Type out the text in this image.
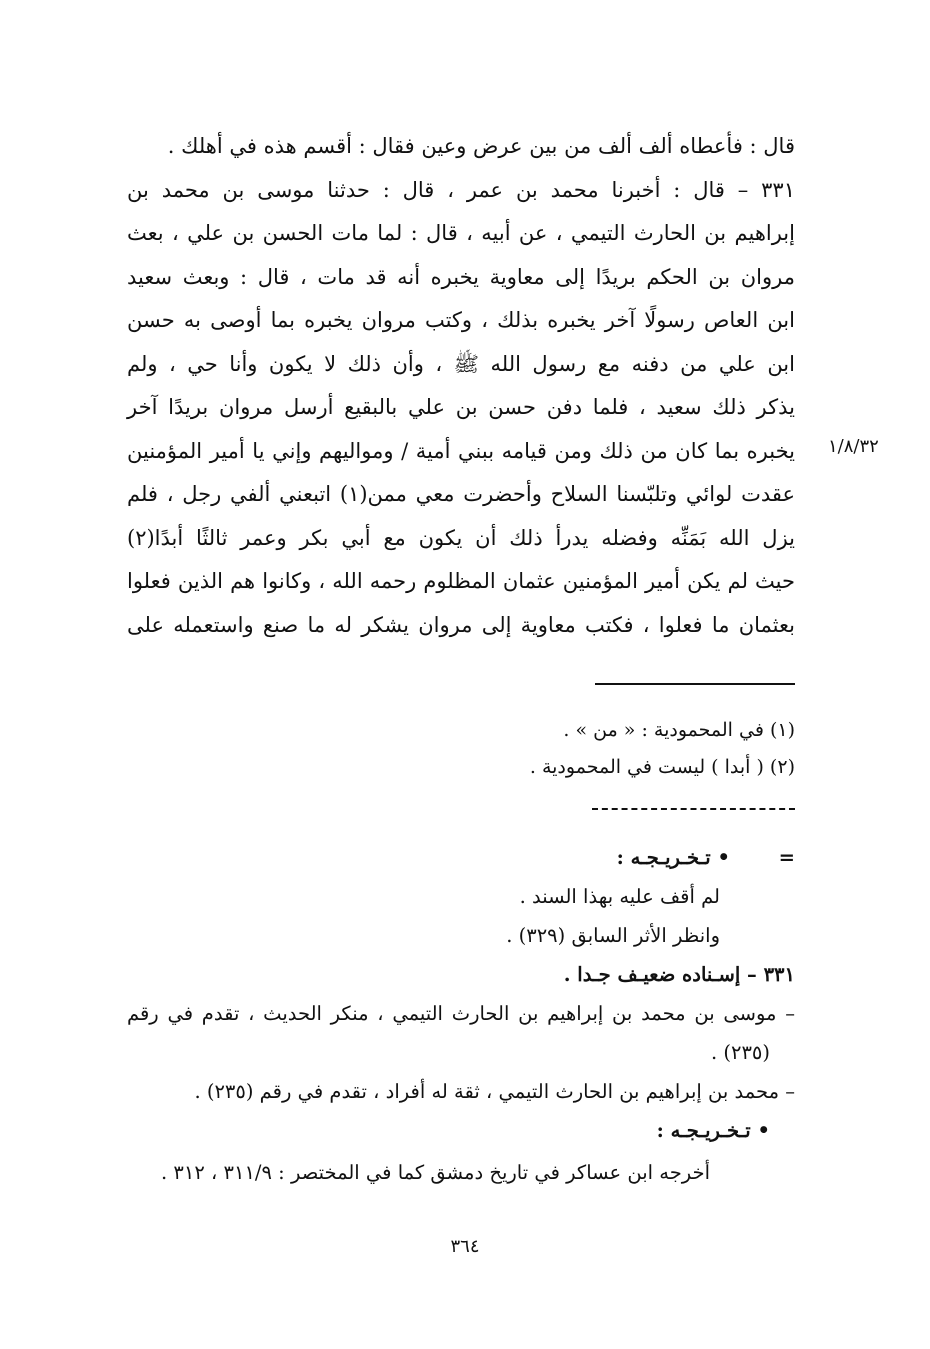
قال : فأعطاه ألف ألف من بين عرض وعين فقال : أقسم هذه في أهلك .
٣٣١ – قال : أخبرنا محمد بن عمر ، قال : حدثنا موسى بن محمد بن
إبراهيم بن الحارث التيمي ، عن أبيه ، قال : لما مات الحسن بن علي ، بعث
مروان بن الحكم بريدًا إلى معاوية يخبره أنه قد مات ، قال : وبعث سعيد
ابن العاص رسولًا آخر يخبره بذلك ، وكتب مروان يخبره بما أوصى به حسن
ابن علي من دفنه مع رسول الله ﷺ ، وأن ذلك لا يكون وأنا حي ، ولم
يذكر ذلك سعيد ، فلما دفن حسن بن علي بالبقيع أرسل مروان بريدًا آخر
يخبره بما كان من ذلك ومن قيامه ببني أمية / ومواليهم وإني يا أمير المؤمنين
عقدت لوائي وتلبّسنا السلاح وأحضرت معي ممن(١) اتبعني ألفي رجل ، فلم
يزل الله بَمَنِّه وفضله يدرأ ذلك أن يكون مع أبي بكر وعمر ثالثًا أبدًا(٢)
حيث لم يكن أمير المؤمنين عثمان المظلوم رحمه الله ، وكانوا هم الذين فعلوا
بعثمان ما فعلوا ، فكتب معاوية إلى مروان يشكر له ما صنع واستعمله على
١/٨/٣٢
(١) في المحمودية : « من » .
(٢) ( أبدا ) ليست في المحمودية .
=
• تـخـريـجـه :
لم أقف عليه بهذا السند .
وانظر الأثر السابق (٣٢٩) .
٣٣١ – إسـناده ضعيـف جـدا .
– موسى بن محمد بن إبراهيم بن الحارث التيمي ، منكر الحديث ، تقدم في رقم
(٢٣٥) .
– محمد بن إبراهيم بن الحارث التيمي ، ثقة له أفراد ، تقدم في رقم (٢٣٥) .
• تـخـريـجـه :
أخرجه ابن عساكر في تاريخ دمشق كما في المختصر : ٣١١/٩ ، ٣١٢ .
٣٦٤
